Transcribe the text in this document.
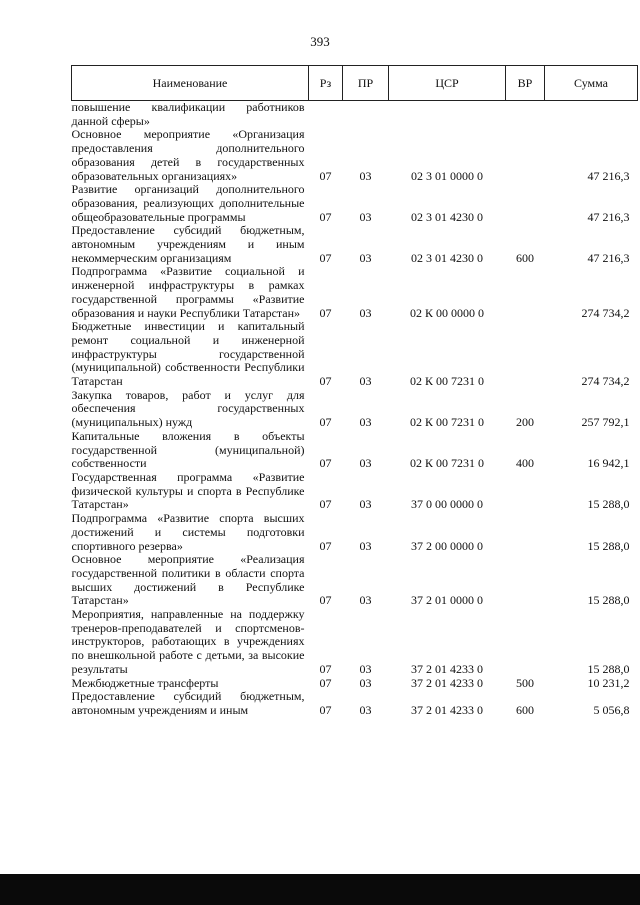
393
Наименование	Рз	ПР	ЦСР	ВР	Сумма
повышение квалификации работников данной сферы»					
Основное мероприятие «Организация предоставления дополнительного образования детей в государственных образовательных организациях»	07	03	02 3 01 0000 0		47 216,3
Развитие организаций дополнительного образования, реализующих дополнительные общеобразовательные программы	07	03	02 3 01 4230 0		47 216,3
Предоставление субсидий бюджетным, автономным учреждениям и иным некоммерческим организациям	07	03	02 3 01 4230 0	600	47 216,3
Подпрограмма «Развитие социальной и инженерной инфраструктуры в рамках государственной программы «Развитие образования и науки Республики Татарстан»	07	03	02 К 00 0000 0		274 734,2
Бюджетные инвестиции и капитальный ремонт социальной и инженерной инфраструктуры государственной (муниципальной) собственности Республики Татарстан	07	03	02 К 00 7231 0		274 734,2
Закупка товаров, работ и услуг для обеспечения государственных (муниципальных) нужд	07	03	02 К 00 7231 0	200	257 792,1
Капитальные вложения в объекты государственной (муниципальной) собственности	07	03	02 К 00 7231 0	400	16 942,1
Государственная программа «Развитие физической культуры и спорта в Республике Татарстан»	07	03	37 0 00 0000 0		15 288,0
Подпрограмма «Развитие спорта высших достижений и системы подготовки спортивного резерва»	07	03	37 2 00 0000 0		15 288,0
Основное мероприятие «Реализация государственной политики в области спорта высших достижений в Республике Татарстан»	07	03	37 2 01 0000 0		15 288,0
Мероприятия, направленные на поддержку тренеров-преподавателей и спортсменов-инструкторов, работающих в учреждениях по внешкольной работе с детьми, за высокие результаты	07	03	37 2 01 4233 0		15 288,0
Межбюджетные трансферты	07	03	37 2 01 4233 0	500	10 231,2
Предоставление субсидий бюджетным, автономным учреждениям и иным	07	03	37 2 01 4233 0	600	5 056,8
